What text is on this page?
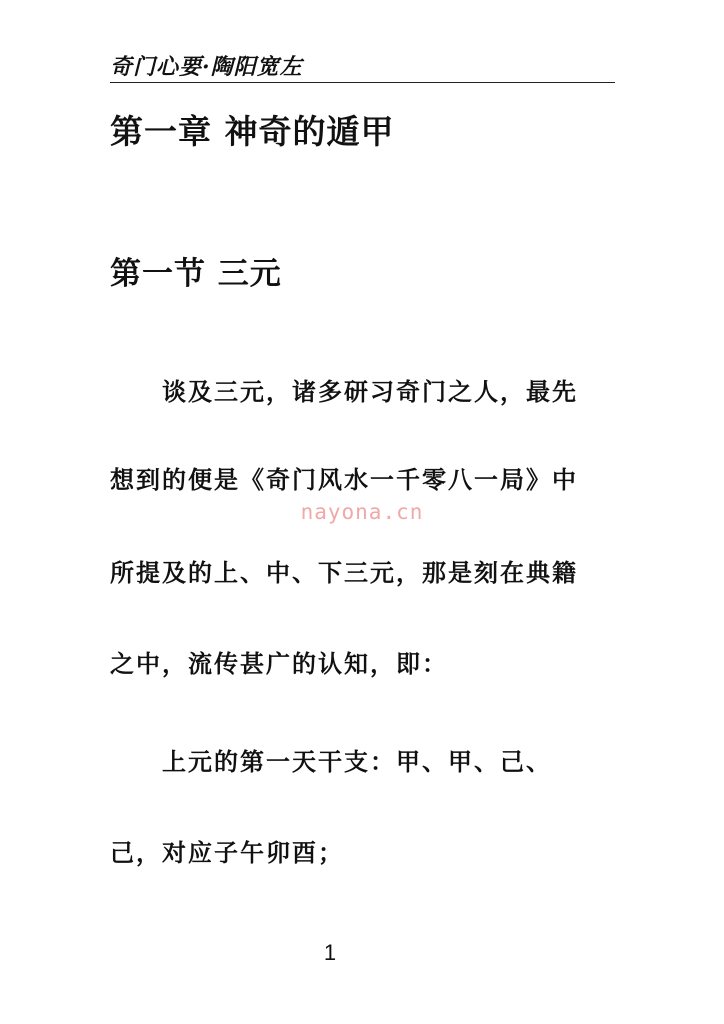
奇门心要·陶阳宽左
第一章 神奇的遁甲
第一节 三元
谈及三元，诸多研习奇门之人，最先
想到的便是《奇门风水一千零八一局》中
所提及的上、中、下三元，那是刻在典籍
之中，流传甚广的认知，即：
上元的第一天干支：甲、甲、己、
己，对应子午卯酉；
nayona.cn
1
